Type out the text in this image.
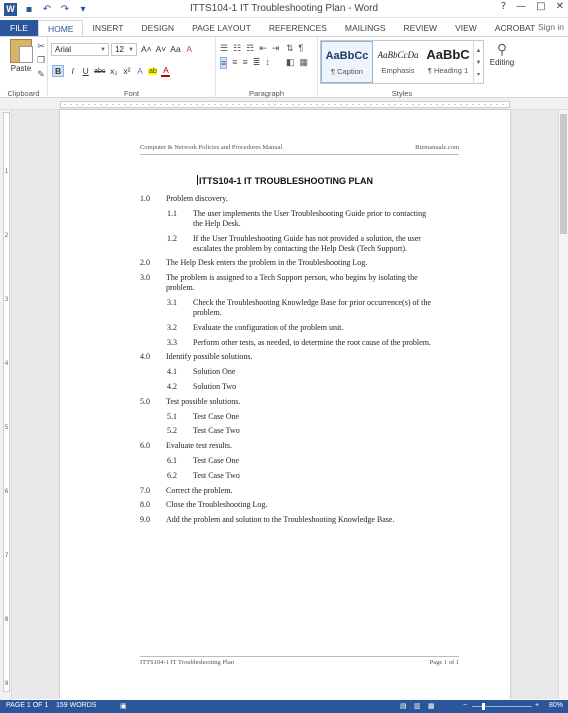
W ▪ ↶ ↷	▾	ITTS104-1 IT Troubleshooting Plan - Word	? — □ ✕
FILE	HOME	INSERT	DESIGN	PAGE LAYOUT	REFERENCES	MAILINGS	REVIEW	VIEW	ACROBAT Sign in
Paste
✂
❐
✎
Clipboard
Arial	▼	12 ▼ A˄ A˅ Aa A
B	I	U abc x₂ x² A ab A
Font
☰ ☷ ☶ ⇤ ⇥
≡ ≡ ≡ ≣ ↕
⇅ ¶
◧ ▦
Paragraph	Styles
AaBbCc
¶ Caption
AaBbCcDa
Emphasis
AaBbC
¶ Heading 1
▲
▼
▾
⚲
Editing
1
2
3
4
5
6
7
8
9
Computer & Network Policies and Procedures Manual	Bizmanualz.com
ITTS104-1 IT TROUBLESHOOTING PLAN
1.0 Problem discovery.
1.1 The user implements the User Troubleshooting Guide prior to contacting
the Help Desk.
1.2 If the User Troubleshooting Guide has not provided a solution, the user
escalates the problem by contacting the Help Desk (Tech Support).
2.0 The Help Desk enters the problem in the Troubleshooting Log.
3.0 The problem is assigned to a Tech Support person, who begins by isolating the
problem.
3.1 Check the Troubleshooting Knowledge Base for prior occurrence(s) of the
problem.
3.2 Evaluate the configuration of the problem unit.
3.3 Perform other tests, as needed, to determine the root cause of the problem.
4.0 Identify possible solutions.
4.1 Solution One
4.2 Solution Two
5.0 Test possible solutions.
5.1 Test Case One
5.2 Test Case Two
6.0 Evaluate test results.
6.1 Test Case One
6.2 Test Case Two
7.0 Correct the problem.
8.0 Close the Troubleshooting Log.
9.0 Add the problem and solution to the Troubleshooting Knowledge Base.
ITTS104-1 IT Troubleshooting Plan	Page 1 of 1
PAGE 1 OF 1 159 WORDS	▣	▤ ▥ ▦	−	+ 80%
